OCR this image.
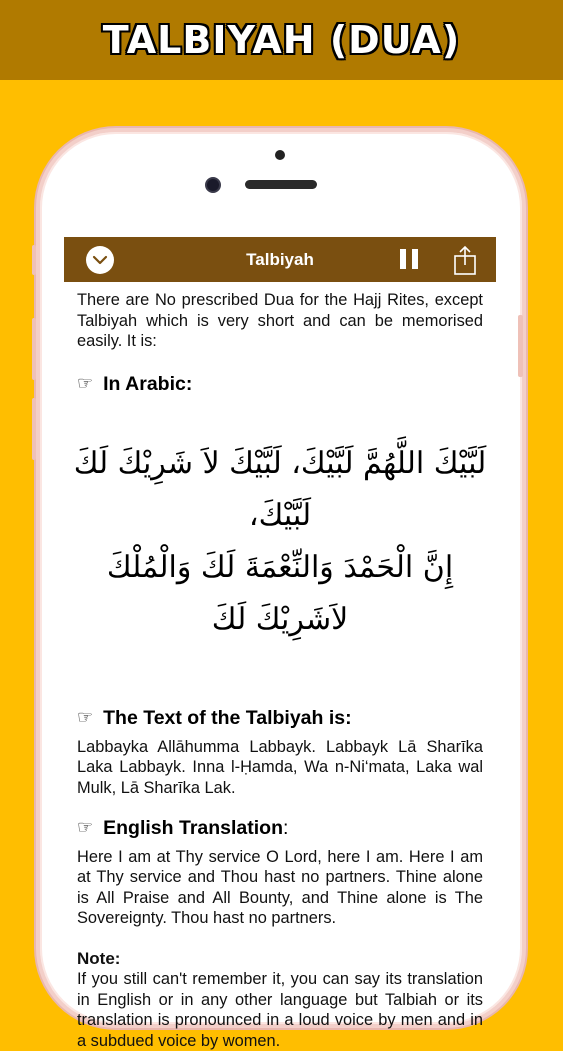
TALBIYAH (DUA)
Talbiyah
There are No prescribed Dua for the Hajj Rites, except Talbiyah which is very short and can be memorised easily. It is:
☞ In Arabic:
لَبَّيْكَ اللَّهُمَّ لَبَّيْكَ، لَبَّيْكَ لاَ شَرِيْكَ لَكَ لَبَّيْكَ،
إِنَّ الْحَمْدَ وَالنِّعْمَةَ لَكَ وَالْمُلْكَ لاَشَرِيْكَ لَكَ
☞ The Text of the Talbiyah is:
Labbayka Allāhumma Labbayk. Labbayk Lā Sharīka Laka Labbayk. Inna l-Ḥamda, Wa n-Ni‘mata, Laka wal Mulk, Lā Sharīka Lak.
☞ English Translation :
Here I am at Thy service O Lord, here I am. Here I am at Thy service and Thou hast no partners. Thine alone is All Praise and All Bounty, and Thine alone is The Sovereignty. Thou hast no partners.
Note:
If you still can't remember it, you can say its translation in English or in any other language but Talbiah or its translation is pronounced in a loud voice by men and in a subdued voice by women.
